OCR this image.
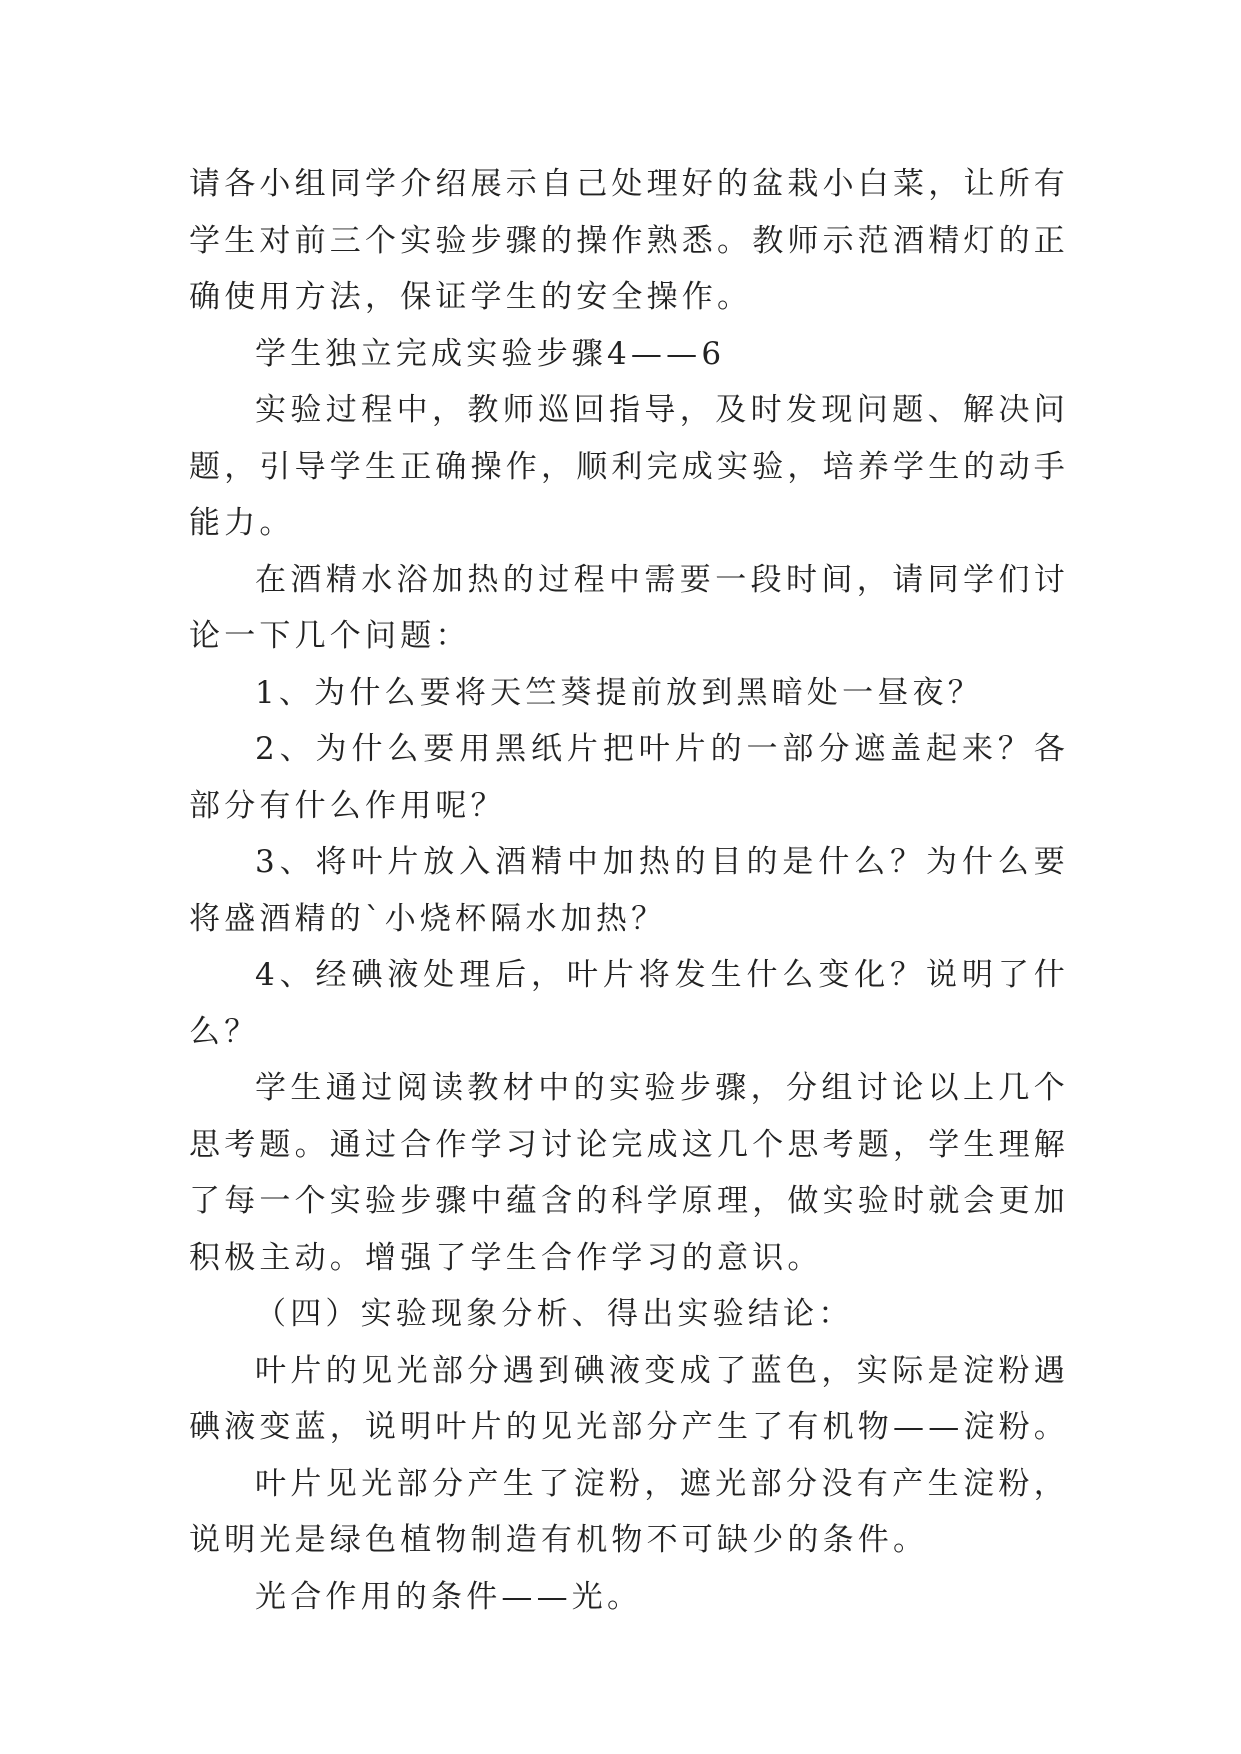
请各小组同学介绍展示自己处理好的盆栽小白菜，让所有学生对前三个实验步骤的操作熟悉。教师示范酒精灯的正确使用方法，保证学生的安全操作。

学生独立完成实验步骤4——6

实验过程中，教师巡回指导，及时发现问题、解决问题，引导学生正确操作，顺利完成实验，培养学生的动手能力。

在酒精水浴加热的过程中需要一段时间，请同学们讨论一下几个问题：

1、为什么要将天竺葵提前放到黑暗处一昼夜？

2、为什么要用黑纸片把叶片的一部分遮盖起来？各部分有什么作用呢？

3、将叶片放入酒精中加热的目的是什么？为什么要将盛酒精的`小烧杯隔水加热？

4、经碘液处理后，叶片将发生什么变化？说明了什么？

学生通过阅读教材中的实验步骤，分组讨论以上几个思考题。通过合作学习讨论完成这几个思考题，学生理解了每一个实验步骤中蕴含的科学原理，做实验时就会更加积极主动。增强了学生合作学习的意识。

（四）实验现象分析、得出实验结论：

叶片的见光部分遇到碘液变成了蓝色，实际是淀粉遇碘液变蓝，说明叶片的见光部分产生了有机物——淀粉。

叶片见光部分产生了淀粉，遮光部分没有产生淀粉，说明光是绿色植物制造有机物不可缺少的条件。

光合作用的条件——光。
